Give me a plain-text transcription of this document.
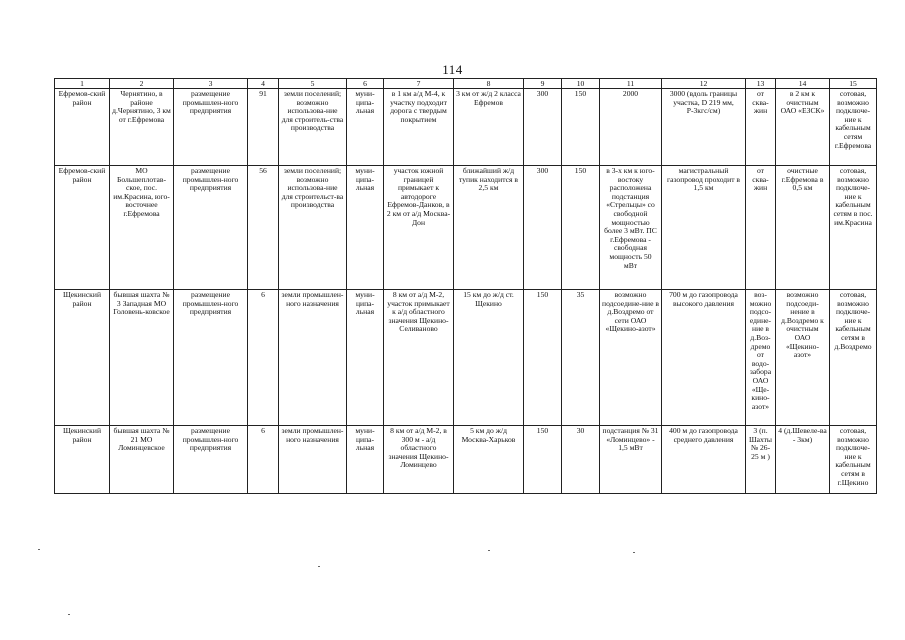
114
1	2	3	4	5	6	7	8	9	10	11	12	13	14	15
Ефремов-ский район	Чернятино, в районе д.Чернятино, 3 км от г.Ефремова	размещение промышлен-ного предприятия	91	земли поселений; возможно использова-ние для строитель-ства производства	муни-ципа-льная	в 1 км а/д М-4, к участку подходит дорога с твердым покрытием	3 км от ж/д 2 класса Ефремов	300	150	2000	3000 (вдоль границы участка, D 219 мм, Р-3кгс/см)	от сква-жин	в 2 км к очистным ОАО «ЕЗСК»	сотовая, возможно подключе-ние к кабельным сетям г.Ефремова
Ефремов-ский район	МО Большеплотав-ское, пос. им.Красина, юго-восточнее г.Ефремова	размещение промышлен-ного предприятия	56	земли поселений; возможно использова-ние для строительст-ва производства	муни-ципа-льная	участок южной границей примыкает к автодороге Ефремов-Данков, в 2 км от а/д Москва-Дон	ближайший ж/д тупик находится в 2,5 км	300	150	в 3-х км к юго-востоку расположена подстанция «Стрельцы» со свободной мощностью более 3 мВт. ПС г.Ефремова - свободная мощность 50 мВт	магистральный газопровод проходит в 1,5 км	от сква-жин	очистные г.Ефремова в 0,5 км	сотовая, возможно подключе-ние к кабельным сетям в пос. им.Красина
Щекинский район	бывшая шахта № 3 Западная МО Головень-ковское	размещение промышлен-ного предприятия	6	земли промышлен-ного назначения	муни-ципа-льная	8 км от а/д М-2, участок примыкает к а/д областного значения Щекино-Селиваново	15 км до ж/д ст. Щекино	150	35	возможно подсоедине-ние в д.Воздремо от сети ОАО «Щекино-азот»	700 м до газопровода высокого давления	воз-можно подсо-едине-ние в д.Воз-дремо от водо-забора ОАО «Ще-кино-азот»	возможно подсоеди-нение в д.Воздремо к очистным ОАО «Щекино-азот»	сотовая, возможно подключе-ние к кабельным сетям в д.Воздремо
Щекинский район	бывшая шахта № 21 МО Ломинцевское	размещение промышлен-ного предприятия	6	земли промышлен-ного назначения	муни-ципа-льная	8 км от а/д М-2, в 300 м - а/д областного значения Щекино-Ломинцево	5 км до ж/д Москва-Харьков	150	30	подстанция № 31 «Ломинцево» - 1,5 мВт	400 м до газопровода среднего давления	3 (п. Шахты № 26-25 м )	4 (д.Шевеле-ва - 3км)	сотовая, возможно подключе-ние к кабельным сетям в г.Щекино
